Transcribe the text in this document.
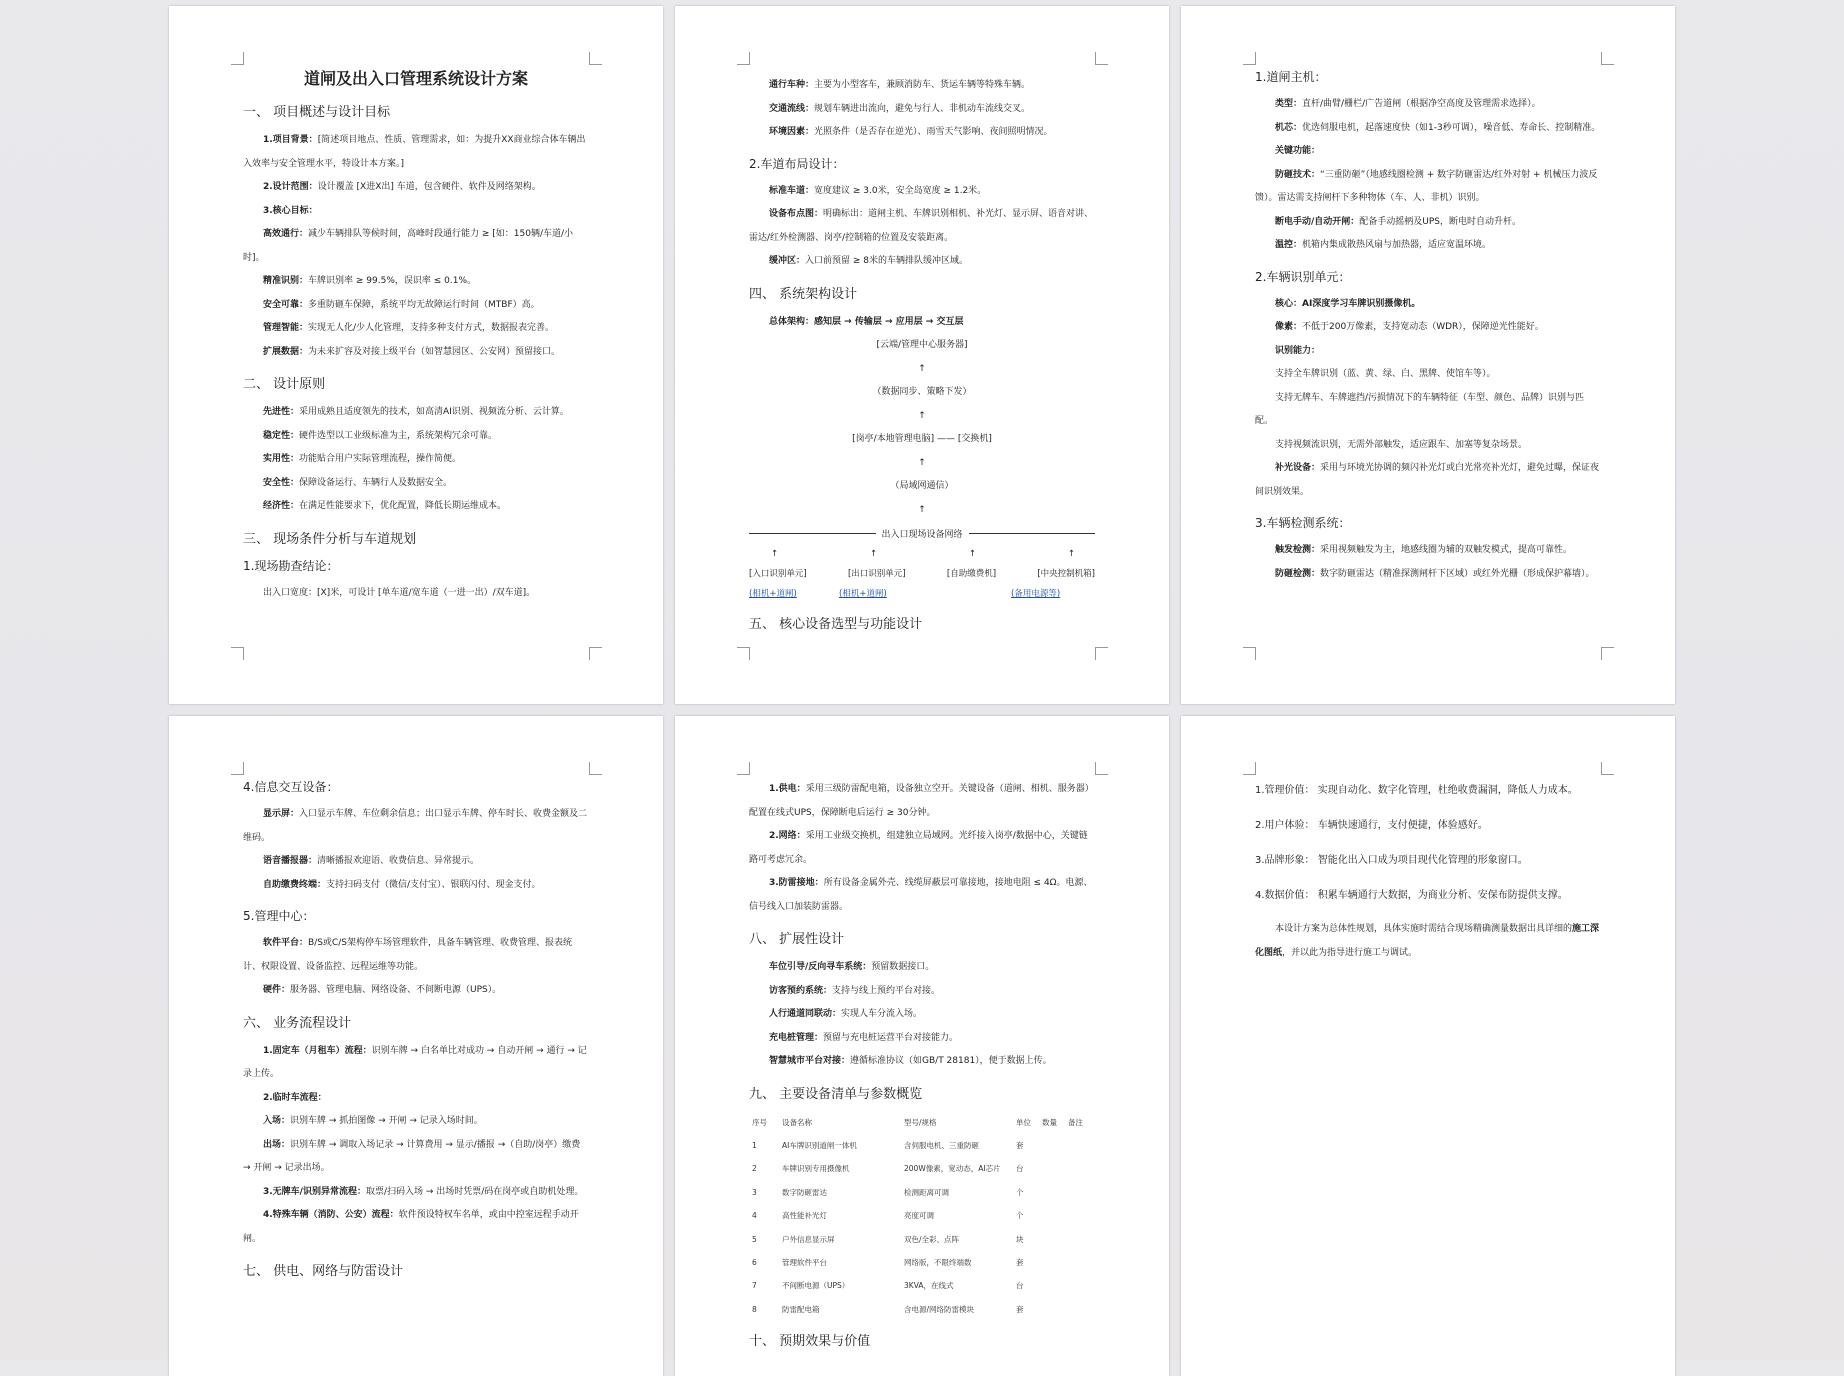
道闸及出入口管理系统设计方案
一、 项目概述与设计目标

1.项目背景：[简述项目地点、性质、管理需求，如：为提升XX商业综合体车辆出入效率与安全管理水平，特设计本方案。]

2.设计范围：设计覆盖 [X进X出] 车道，包含硬件、软件及网络架构。

3.核心目标：

高效通行：减少车辆排队等候时间，高峰时段通行能力 ≥ [如：150辆/车道/小时]。

精准识别：车牌识别率 ≥ 99.5%，误识率 ≤ 0.1%。

安全可靠：多重防砸车保障，系统平均无故障运行时间（MTBF）高。

管理智能：实现无人化/少人化管理，支持多种支付方式，数据报表完善。

扩展数据：为未来扩容及对接上级平台（如智慧园区、公安网）预留接口。

二、 设计原则

先进性：采用成熟且适度领先的技术，如高清AI识别、视频流分析、云计算。

稳定性：硬件选型以工业级标准为主，系统架构冗余可靠。

实用性：功能贴合用户实际管理流程，操作简便。

安全性：保障设备运行、车辆行人及数据安全。

经济性：在满足性能要求下，优化配置，降低长期运维成本。

三、 现场条件分析与车道规划
1.现场勘查结论：

出入口宽度：[X]米，可设计 [单车道/宽车道（一进一出）/双车道]。

通行车种：主要为小型客车，兼顾消防车、货运车辆等特殊车辆。

交通流线：规划车辆进出流向，避免与行人、非机动车流线交叉。

环境因素：光照条件（是否存在逆光）、雨雪天气影响、夜间照明情况。

2.车道布局设计：

标准车道：宽度建议 ≥ 3.0米，安全岛宽度 ≥ 1.2米。

设备布点图：明确标出：道闸主机、车牌识别相机、补光灯、显示屏、语音对讲、雷达/红外检测器、岗亭/控制箱的位置及安装距离。

缓冲区：入口前预留 ≥ 8米的车辆排队缓冲区域。

四、 系统架构设计

总体架构：感知层 → 传输层 → 应用层 → 交互层

[云端/管理中心服务器]
↑
（数据同步、策略下发）
↑
[岗亭/本地管理电脑] —— [交换机]
↑
（局域网通信）
↑
出入口现场设备网络
↑	↑	↑	↑
[入口识别单元]	[出口识别单元]	[自助缴费机]	[中央控制机箱]
(相机+道闸)	(相机+道闸)	(备用电源等)
五、 核心设备选型与功能设计
1.道闸主机：

类型：直杆/曲臂/栅栏/广告道闸（根据净空高度及管理需求选择）。

机芯：优选伺服电机，起落速度快（如1-3秒可调），噪音低、寿命长、控制精准。

关键功能：

防砸技术：“三重防砸”（地感线圈检测 + 数字防砸雷达/红外对射 + 机械压力波反馈）。雷达需支持闸杆下多种物体（车、人、非机）识别。

断电手动/自动开闸：配备手动摇柄及UPS，断电时自动升杆。

温控：机箱内集成散热风扇与加热器，适应宽温环境。

2.车辆识别单元：

核心：AI深度学习车牌识别摄像机。

像素：不低于200万像素，支持宽动态（WDR），保障逆光性能好。

识别能力：

支持全车牌识别（蓝、黄、绿、白、黑牌、使馆车等）。

支持无牌车、车牌遮挡/污损情况下的车辆特征（车型、颜色、品牌）识别与匹配。

支持视频流识别，无需外部触发，适应跟车、加塞等复杂场景。

补光设备：采用与环境光协调的频闪补光灯或白光常亮补光灯，避免过曝，保证夜间识别效果。

3.车辆检测系统：

触发检测：采用视频触发为主，地感线圈为辅的双触发模式，提高可靠性。

防砸检测：数字防砸雷达（精准探测闸杆下区域）或红外光栅（形成保护幕墙）。

4.信息交互设备：

显示屏：入口显示车牌、车位剩余信息；出口显示车牌、停车时长、收费金额及二维码。

语音播报器：清晰播报欢迎语、收费信息、异常提示。

自助缴费终端：支持扫码支付（微信/支付宝）、银联闪付、现金支付。

5.管理中心：

软件平台：B/S或C/S架构停车场管理软件，具备车辆管理、收费管理、报表统计、权限设置、设备监控、远程运维等功能。

硬件：服务器、管理电脑、网络设备、不间断电源（UPS）。

六、 业务流程设计

1.固定车（月租车）流程：识别车牌 → 白名单比对成功 → 自动开闸 → 通行 → 记录上传。

2.临时车流程：

入场：识别车牌 → 抓拍图像 → 开闸 → 记录入场时间。

出场：识别车牌 → 调取入场记录 → 计算费用 → 显示/播报 →（自助/岗亭）缴费 → 开闸 → 记录出场。

3.无牌车/识别异常流程：取票/扫码入场 → 出场时凭票/码在岗亭或自助机处理。

4.特殊车辆（消防、公安）流程：软件预设特权车名单，或由中控室远程手动开闸。

七、 供电、网络与防雷设计

1.供电：采用三级防雷配电箱，设备独立空开。关键设备（道闸、相机、服务器）配置在线式UPS，保障断电后运行 ≥ 30分钟。

2.网络：采用工业级交换机，组建独立局域网。光纤接入岗亭/数据中心，关键链路可考虑冗余。

3.防雷接地：所有设备金属外壳、线缆屏蔽层可靠接地，接地电阻 ≤ 4Ω。电源、信号线入口加装防雷器。

八、 扩展性设计

车位引导/反向寻车系统：预留数据接口。

访客预约系统：支持与线上预约平台对接。

人行通道同联动：实现人车分流入场。

充电桩管理：预留与充电桩运营平台对接能力。

智慧城市平台对接：遵循标准协议（如GB/T 28181），便于数据上传。

九、 主要设备清单与参数概览
序号	设备名称	型号/规格	单位	数量	备注
1	AI车牌识别道闸一体机	含伺服电机、三重防砸	套		
2	车牌识别专用摄像机	200W像素，宽动态，AI芯片	台		
3	数字防砸雷达	检测距离可调	个		
4	高性能补光灯	亮度可调	个		
5	户外信息显示屏	双色/全彩、点阵	块		
6	管理软件平台	网络版，不限终端数	套		
7	不间断电源（UPS）	3KVA，在线式	台		
8	防雷配电箱	含电源/网络防雷模块	套		
十、 预期效果与价值

1.管理价值： 实现自动化、数字化管理，杜绝收费漏洞，降低人力成本。

2.用户体验： 车辆快速通行，支付便捷，体验感好。

3.品牌形象： 智能化出入口成为项目现代化管理的形象窗口。

4.数据价值： 积累车辆通行大数据，为商业分析、安保布防提供支撑。

本设计方案为总体性规划，具体实施时需结合现场精确测量数据出具详细的施工深化图纸，并以此为指导进行施工与调试。
